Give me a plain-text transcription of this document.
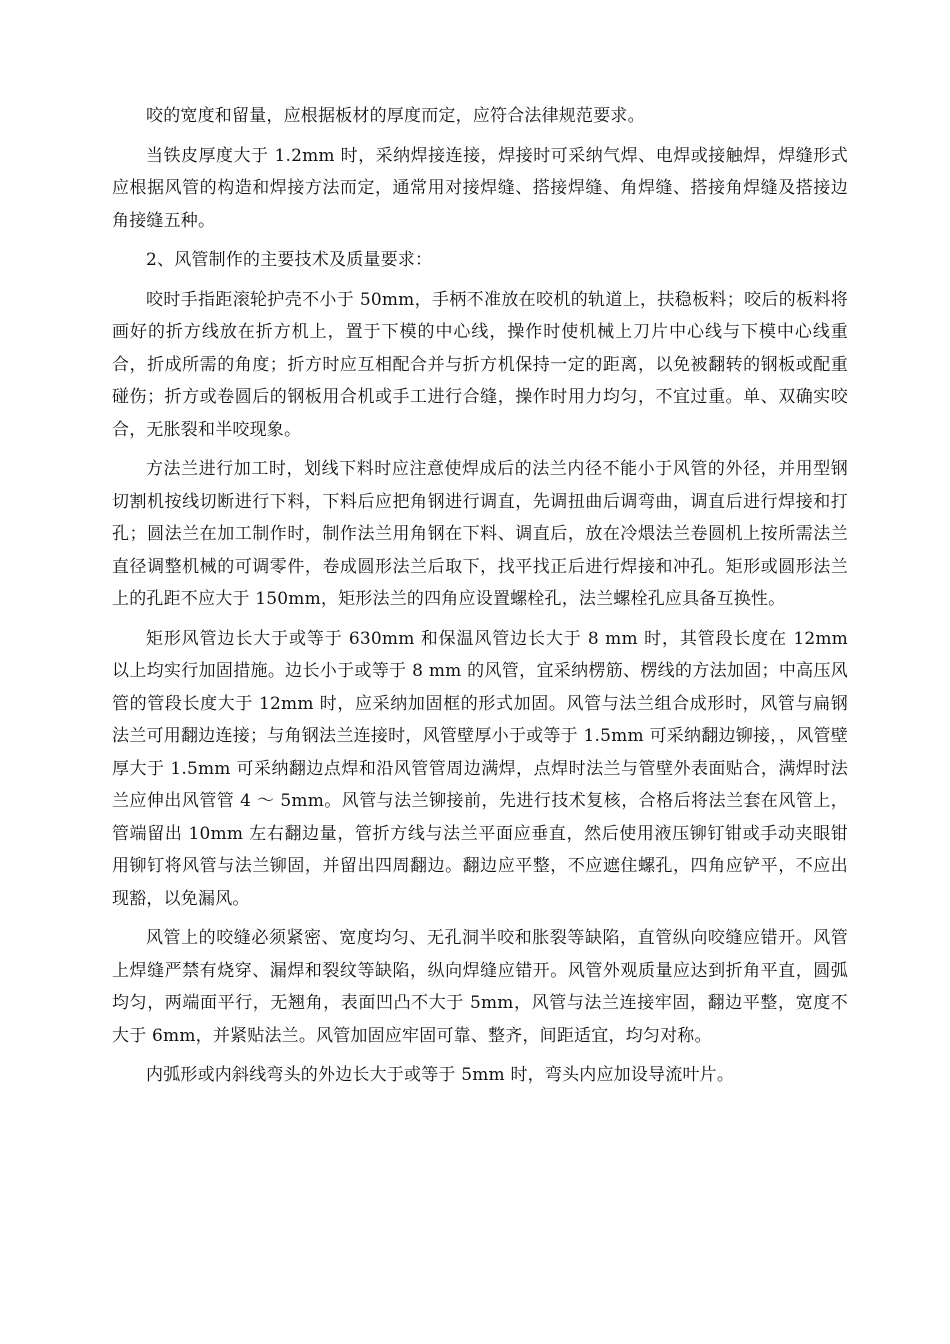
咬的宽度和留量，应根据板材的厚度而定，应符合法律规范要求。

当铁皮厚度大于 1.2mm 时，采纳焊接连接，焊接时可采纳气焊、电焊或接触焊，焊缝形式应根据风管的构造和焊接方法而定，通常用对接焊缝、搭接焊缝、角焊缝、搭接角焊缝及搭接边角接缝五种。

2、风管制作的主要技术及质量要求：

咬时手指距滚轮护壳不小于 50mm，手柄不准放在咬机的轨道上，扶稳板料；咬后的板料将画好的折方线放在折方机上，置于下模的中心线，操作时使机械上刀片中心线与下模中心线重合，折成所需的角度；折方时应互相配合并与折方机保持一定的距离，以免被翻转的钢板或配重碰伤；折方或卷圆后的钢板用合机或手工进行合缝，操作时用力均匀，不宜过重。单、双确实咬合，无胀裂和半咬现象。

方法兰进行加工时，划线下料时应注意使焊成后的法兰内径不能小于风管的外径，并用型钢切割机按线切断进行下料，下料后应把角钢进行调直，先调扭曲后调弯曲，调直后进行焊接和打孔；圆法兰在加工制作时，制作法兰用角钢在下料、调直后，放在冷煨法兰卷圆机上按所需法兰直径调整机械的可调零件，卷成圆形法兰后取下，找平找正后进行焊接和冲孔。矩形或圆形法兰上的孔距不应大于 150mm，矩形法兰的四角应设置螺栓孔，法兰螺栓孔应具备互换性。

矩形风管边长大于或等于 630mm 和保温风管边长大于 8 mm 时，其管段长度在 12mm 以上均实行加固措施。边长小于或等于 8 mm 的风管，宜采纳楞筋、楞线的方法加固；中高压风管的管段长度大于 12mm 时，应采纳加固框的形式加固。风管与法兰组合成形时，风管与扁钢法兰可用翻边连接；与角钢法兰连接时，风管壁厚小于或等于 1.5mm 可采纳翻边铆接，，风管壁厚大于 1.5mm 可采纳翻边点焊和沿风管管周边满焊，点焊时法兰与管壁外表面贴合，满焊时法兰应伸出风管管 4 ～ 5mm。风管与法兰铆接前，先进行技术复核，合格后将法兰套在风管上，管端留出 10mm 左右翻边量，管折方线与法兰平面应垂直，然后使用液压铆钉钳或手动夹眼钳用铆钉将风管与法兰铆固，并留出四周翻边。翻边应平整，不应遮住螺孔，四角应铲平，不应出现豁，以免漏风。

风管上的咬缝必须紧密、宽度均匀、无孔洞半咬和胀裂等缺陷，直管纵向咬缝应错开。风管上焊缝严禁有烧穿、漏焊和裂纹等缺陷，纵向焊缝应错开。风管外观质量应达到折角平直，圆弧均匀，两端面平行，无翘角，表面凹凸不大于 5mm，风管与法兰连接牢固，翻边平整，宽度不大于 6mm，并紧贴法兰。风管加固应牢固可靠、整齐，间距适宜，均匀对称。

内弧形或内斜线弯头的外边长大于或等于 5mm 时，弯头内应加设导流叶片。
